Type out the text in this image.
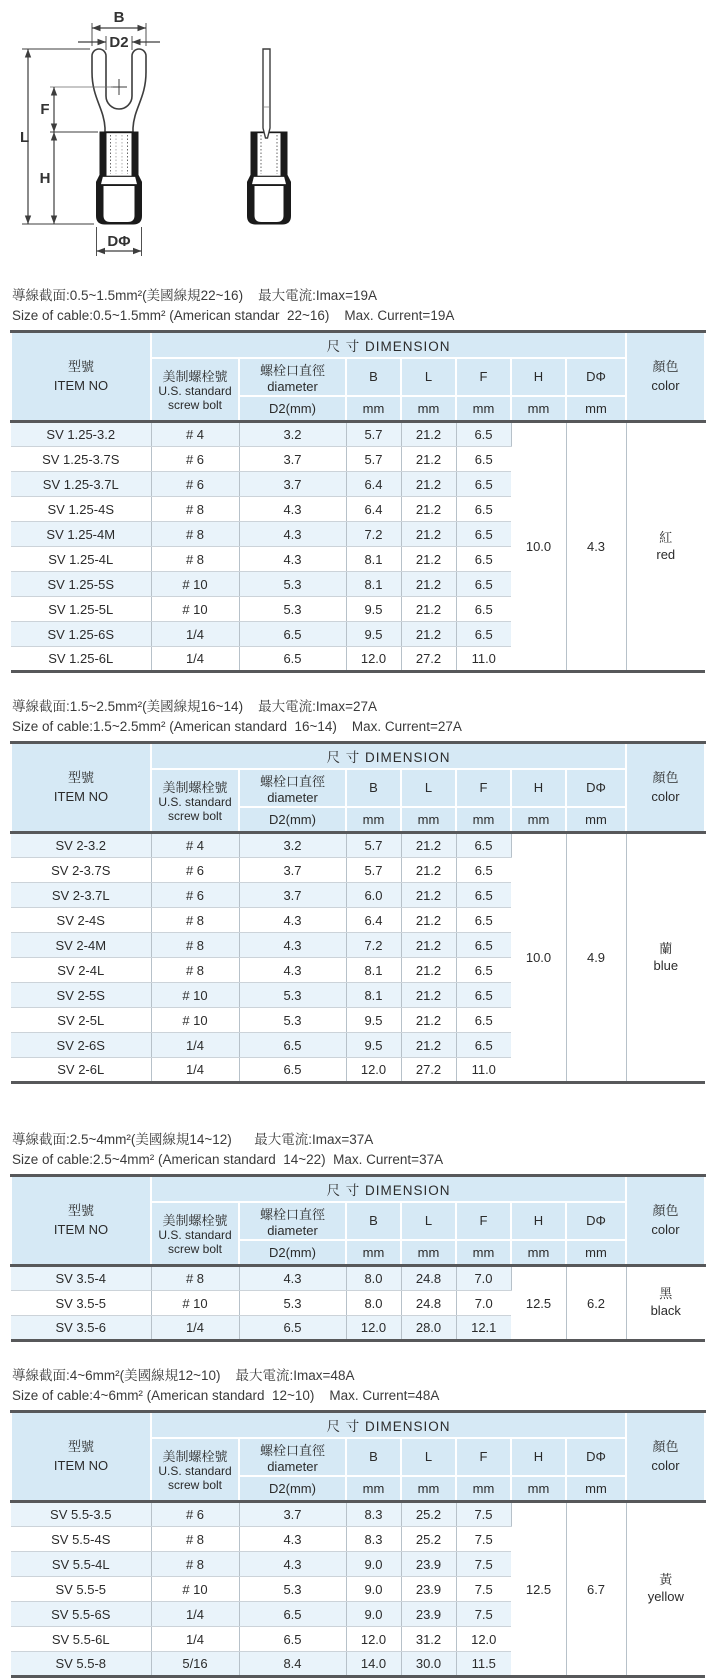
B
D2
F
L
H
DΦ
導線截面:0.5~1.5mm²(美國線規22~16)    最大電流:Imax=19A
Size of cable:0.5~1.5mm² (American standar  22~16)    Max. Current=19A
型號
ITEM NO
	尺 寸 DIMENSION	
顏色
color

	美制螺栓號
U.S. standard
screw bolt	螺栓口直徑 diameter	B	L	F	H	DΦ	
		D2(mm)	mm	mm	mm	mm	mm	
SV 1.25-3.2	# 4	3.2	5.7	21.2	6.5	10.0	4.3	紅
red

SV 1.25-3.7S	# 6	3.7	5.7	21.2	6.5			
SV 1.25-3.7L	# 6	3.7	6.4	21.2	6.5			
SV 1.25-4S	# 8	4.3	6.4	21.2	6.5			
SV 1.25-4M	# 8	4.3	7.2	21.2	6.5			
SV 1.25-4L	# 8	4.3	8.1	21.2	6.5			
SV 1.25-5S	# 10	5.3	8.1	21.2	6.5			
SV 1.25-5L	# 10	5.3	9.5	21.2	6.5			
SV 1.25-6S	1/4	6.5	9.5	21.2	6.5			
SV 1.25-6L	1/4	6.5	12.0	27.2	11.0			
導線截面:1.5~2.5mm²(美國線規16~14)    最大電流:Imax=27A
Size of cable:1.5~2.5mm² (American standard  16~14)    Max. Current=27A
型號
ITEM NO
	尺 寸 DIMENSION	
顏色
color

	美制螺栓號
U.S. standard
screw bolt	螺栓口直徑 diameter	B	L	F	H	DΦ	
		D2(mm)	mm	mm	mm	mm	mm	
SV 2-3.2	# 4	3.2	5.7	21.2	6.5	10.0	4.9	蘭
blue

SV 2-3.7S	# 6	3.7	5.7	21.2	6.5			
SV 2-3.7L	# 6	3.7	6.0	21.2	6.5			
SV 2-4S	# 8	4.3	6.4	21.2	6.5			
SV 2-4M	# 8	4.3	7.2	21.2	6.5			
SV 2-4L	# 8	4.3	8.1	21.2	6.5			
SV 2-5S	# 10	5.3	8.1	21.2	6.5			
SV 2-5L	# 10	5.3	9.5	21.2	6.5			
SV 2-6S	1/4	6.5	9.5	21.2	6.5			
SV 2-6L	1/4	6.5	12.0	27.2	11.0			
導線截面:2.5~4mm²(美國線規14~12)      最大電流:Imax=37A
Size of cable:2.5~4mm² (American standard  14~22)  Max. Current=37A
型號
ITEM NO
	尺 寸 DIMENSION	
顏色
color

	美制螺栓號
U.S. standard
screw bolt	螺栓口直徑 diameter	B	L	F	H	DΦ	
		D2(mm)	mm	mm	mm	mm	mm	
SV 3.5-4	# 8	4.3	8.0	24.8	7.0	12.5	6.2	黑
black

SV 3.5-5	# 10	5.3	8.0	24.8	7.0			
SV 3.5-6	1/4	6.5	12.0	28.0	12.1			
導線截面:4~6mm²(美國線規12~10)    最大電流:Imax=48A
Size of cable:4~6mm² (American standard  12~10)    Max. Current=48A
型號
ITEM NO
	尺 寸 DIMENSION	
顏色
color

	美制螺栓號
U.S. standard
screw bolt	螺栓口直徑 diameter	B	L	F	H	DΦ	
		D2(mm)	mm	mm	mm	mm	mm	
SV 5.5-3.5	# 6	3.7	8.3	25.2	7.5	12.5	6.7	黃
yellow

SV 5.5-4S	# 8	4.3	8.3	25.2	7.5			
SV 5.5-4L	# 8	4.3	9.0	23.9	7.5			
SV 5.5-5	# 10	5.3	9.0	23.9	7.5			
SV 5.5-6S	1/4	6.5	9.0	23.9	7.5			
SV 5.5-6L	1/4	6.5	12.0	31.2	12.0			
SV 5.5-8	5/16	8.4	14.0	30.0	11.5			
